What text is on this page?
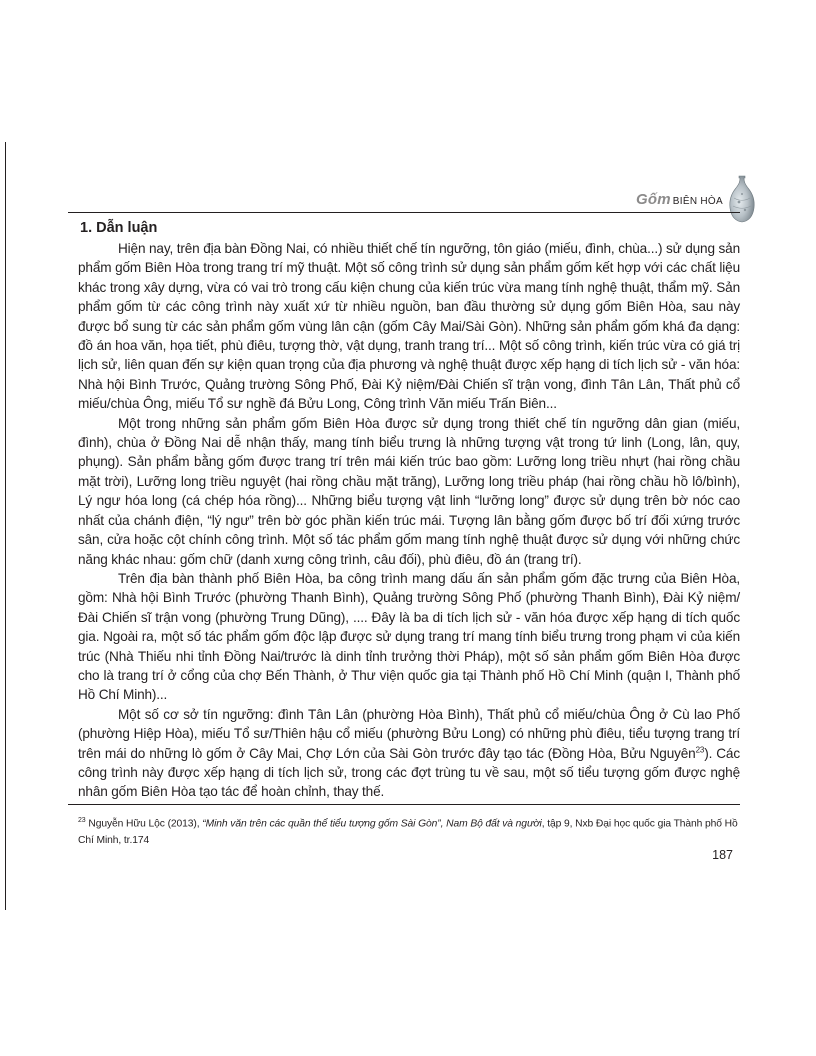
Gốm BIÊN HÒA
1. Dẫn luận

Hiện nay, trên địa bàn Đồng Nai, có nhiều thiết chế tín ngưỡng, tôn giáo (miếu, đình, chùa...) sử dụng sản phẩm gốm Biên Hòa trong trang trí mỹ thuật. Một số công trình sử dụng sản phẩm gốm kết hợp với các chất liệu khác trong xây dựng, vừa có vai trò trong cấu kiện chung của kiến trúc vừa mang tính nghệ thuật, thẩm mỹ. Sản phẩm gốm từ các công trình này xuất xứ từ nhiều nguồn, ban đầu thường sử dụng gốm Biên Hòa, sau này được bổ sung từ các sản phẩm gốm vùng lân cận (gốm Cây Mai/Sài Gòn). Những sản phẩm gốm khá đa dạng: đồ án hoa văn, họa tiết, phù điêu, tượng thờ, vật dụng, tranh trang trí... Một số công trình, kiến trúc vừa có giá trị lịch sử, liên quan đến sự kiện quan trọng của địa phương và nghệ thuật được xếp hạng di tích lịch sử - văn hóa: Nhà hội Bình Trước, Quảng trường Sông Phố, Đài Kỷ niệm/Đài Chiến sĩ trận vong, đình Tân Lân, Thất phủ cổ miếu/chùa Ông, miếu Tổ sư nghề đá Bửu Long, Công trình Văn miếu Trấn Biên...

Một trong những sản phẩm gốm Biên Hòa được sử dụng trong thiết chế tín ngưỡng dân gian (miếu, đình), chùa ở Đồng Nai dễ nhận thấy, mang tính biểu trưng là những tượng vật trong tứ linh (Long, lân, quy, phụng). Sản phẩm bằng gốm được trang trí trên mái kiến trúc bao gồm: Lưỡng long triều nhựt (hai rồng chầu mặt trời), Lưỡng long triều nguyệt (hai rồng chầu mặt trăng), Lưỡng long triều pháp (hai rồng chầu hồ lô/bình), Lý ngư hóa long (cá chép hóa rồng)... Những biểu tượng vật linh “lưỡng long” được sử dụng trên bờ nóc cao nhất của chánh điện, “lý ngư” trên bờ góc phần kiến trúc mái. Tượng lân bằng gốm được bố trí đối xứng trước sân, cửa hoặc cột chính công trình. Một số tác phẩm gốm mang tính nghệ thuật được sử dụng với những chức năng khác nhau: gốm chữ (danh xưng công trình, câu đối), phù điêu, đồ án (trang trí).

Trên địa bàn thành phố Biên Hòa, ba công trình mang dấu ấn sản phẩm gốm đặc trưng của Biên Hòa, gồm: Nhà hội Bình Trước (phường Thanh Bình), Quảng trường Sông Phố (phường Thanh Bình), Đài Kỷ niệm/Đài Chiến sĩ trận vong (phường Trung Dũng), .... Đây là ba di tích lịch sử - văn hóa được xếp hạng di tích quốc gia. Ngoài ra, một số tác phẩm gốm độc lập được sử dụng trang trí mang tính biểu trưng trong phạm vi của kiến trúc (Nhà Thiếu nhi tỉnh Đồng Nai/trước là dinh tỉnh trưởng thời Pháp), một số sản phẩm gốm Biên Hòa được cho là trang trí ở cổng của chợ Bến Thành, ở Thư viện quốc gia tại Thành phố Hồ Chí Minh (quận I, Thành phố Hồ Chí Minh)...

Một số cơ sở tín ngưỡng: đình Tân Lân (phường Hòa Bình), Thất phủ cổ miếu/chùa Ông ở Cù lao Phố (phường Hiệp Hòa), miếu Tổ sư/Thiên hậu cổ miếu (phường Bửu Long) có những phù điêu, tiểu tượng trang trí trên mái do những lò gốm ở Cây Mai, Chợ Lớn của Sài Gòn trước đây tạo tác (Đồng Hòa, Bửu Nguyên$^{23}$). Các công trình này được xếp hạng di tích lịch sử, trong các đợt trùng tu về sau, một số tiểu tượng gốm được nghệ nhân gốm Biên Hòa tạo tác để hoàn chỉnh, thay thế.

$^{23}$ Nguyễn Hữu Lộc (2013), “Minh văn trên các quần thể tiểu tượng gốm Sài Gòn”, Nam Bộ đất và người, tập 9, Nxb Đại học quốc gia Thành phố Hồ Chí Minh, tr.174

187
